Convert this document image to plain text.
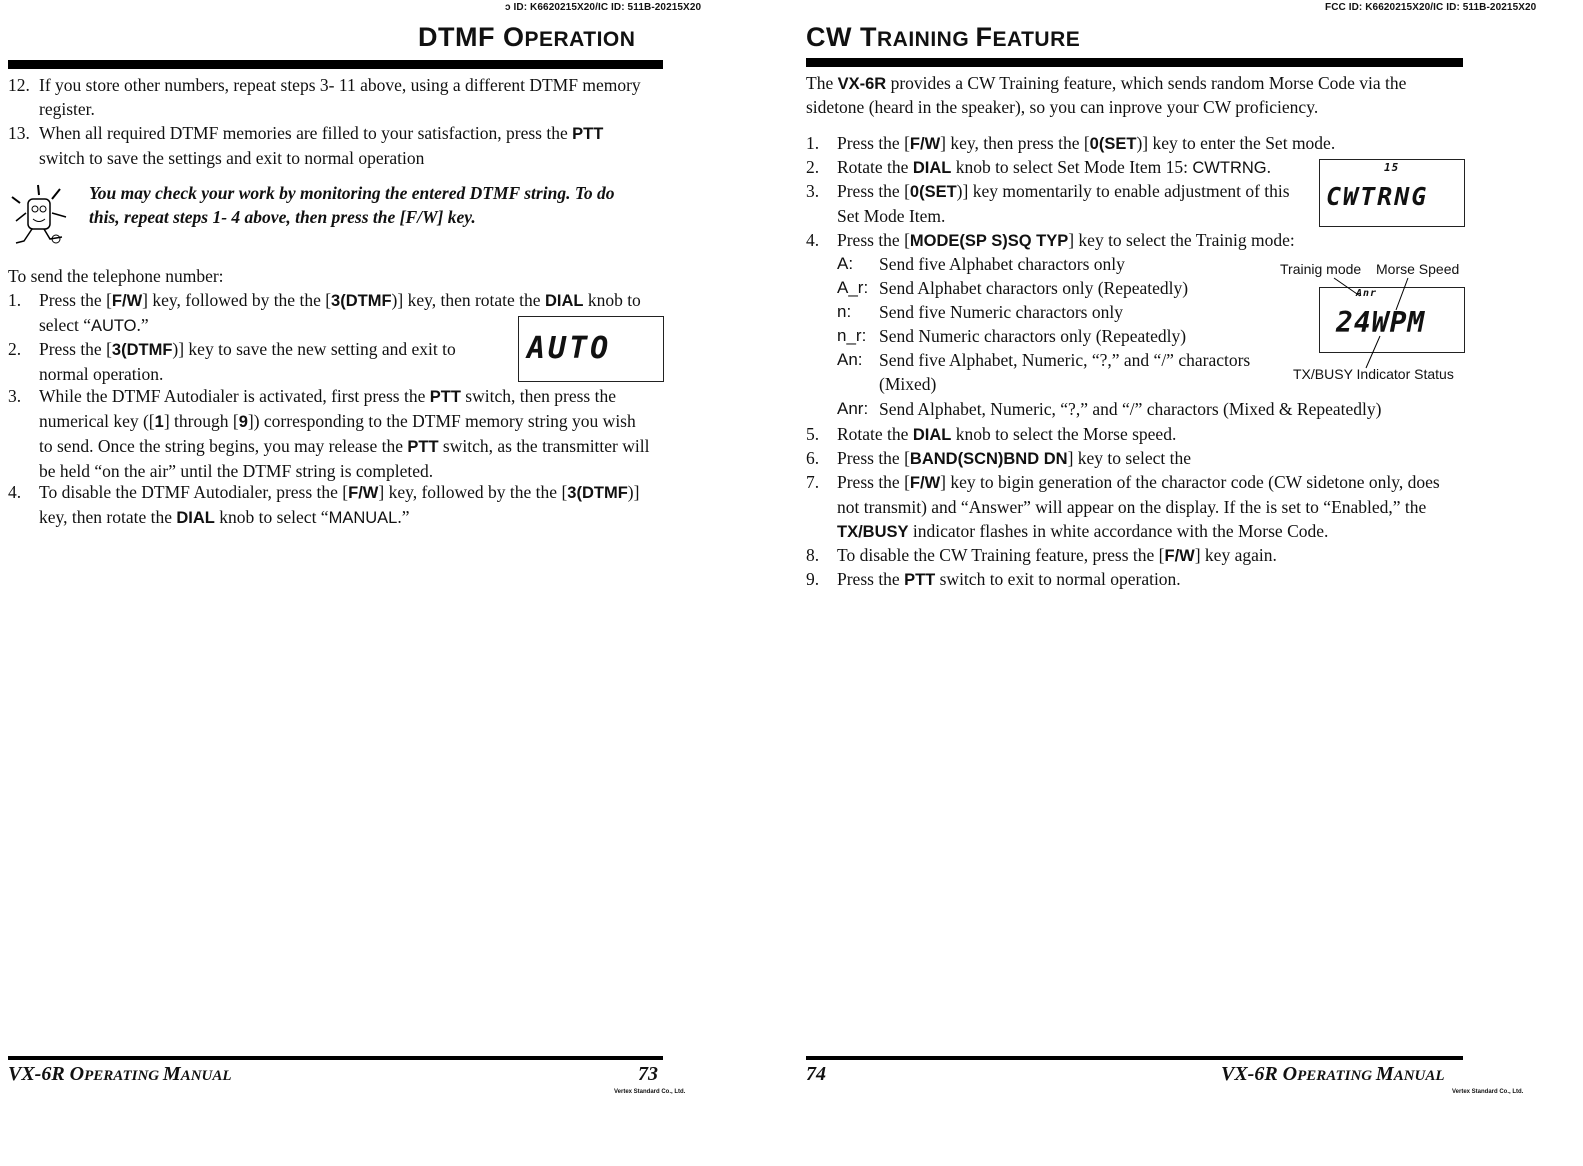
ɔ ID: K6620215X20/IC ID: 511B-20215X20
DTMF OPERATION
12. If you store other numbers, repeat steps 3- 11 above, using a different DTMF memory
register.
13. When all required DTMF memories are filled to your satisfaction, press the PTT
switch to save the settings and exit to normal operation
You may check your work by monitoring the entered DTMF string. To do
this, repeat steps 1- 4 above, then press the [F/W] key.
To send the telephone number:
1. Press the [F/W] key, followed by the the [3(DTMF)] key, then rotate the DIAL knob to
select “AUTO.”
AUTO
2. Press the [3(DTMF)] key to save the new setting and exit to
normal operation.
3. While the DTMF Autodialer is activated, first press the PTT switch, then press the
numerical key ([1] through [9]) corresponding to the DTMF memory string you wish
to send. Once the string begins, you may release the PTT switch, as the transmitter will
be held “on the air” until the DTMF string is completed.
4. To disable the DTMF Autodialer, press the [F/W] key, followed by the the [3(DTMF)]
key, then rotate the DIAL knob to select “MANUAL.”
VX-6R OPERATING MANUAL	73
Vertex Standard Co., Ltd.
FCC ID: K6620215X20/IC ID: 511B-20215X20
CW TRAINING FEATURE
The VX-6R provides a CW Training feature, which sends random Morse Code via the
sidetone (heard in the speaker), so you can inprove your CW proficiency.
1. Press the [F/W] key, then press the [0(SET)] key to enter the Set mode.
2. Rotate the DIAL knob to select Set Mode Item 15: CWTRNG.	15
CWTRNG
3. Press the [0(SET)] key momentarily to enable adjustment of this
Set Mode Item.
4. Press the [MODE(SP S)SQ TYP] key to select the Trainig mode:
A: Send five Alphabet charactors only
A_r: Send Alphabet charactors only (Repeatedly)
n: Send five Numeric charactors only
n_r: Send Numeric charactors only (Repeatedly)
An: Send five Alphabet, Numeric, “?,” and “/” charactors
(Mixed)
Anr: Send Alphabet, Numeric, “?,” and “/” charactors (Mixed & Repeatedly)
Trainig mode Morse Speed
Anr
24WPM
TX/BUSY Indicator Status
5. Rotate the DIAL knob to select the Morse speed.
6. Press the [BAND(SCN)BND DN] key to select the
7. Press the [F/W] key to bigin generation of the charactor code (CW sidetone only, does
not transmit) and “Answer” will appear on the display. If the is set to “Enabled,” the
TX/BUSY indicator flashes in white accordance with the Morse Code.
8. To disable the CW Training feature, press the [F/W] key again.
9. Press the PTT switch to exit to normal operation.
74	VX-6R OPERATING MANUAL
Vertex Standard Co., Ltd.
